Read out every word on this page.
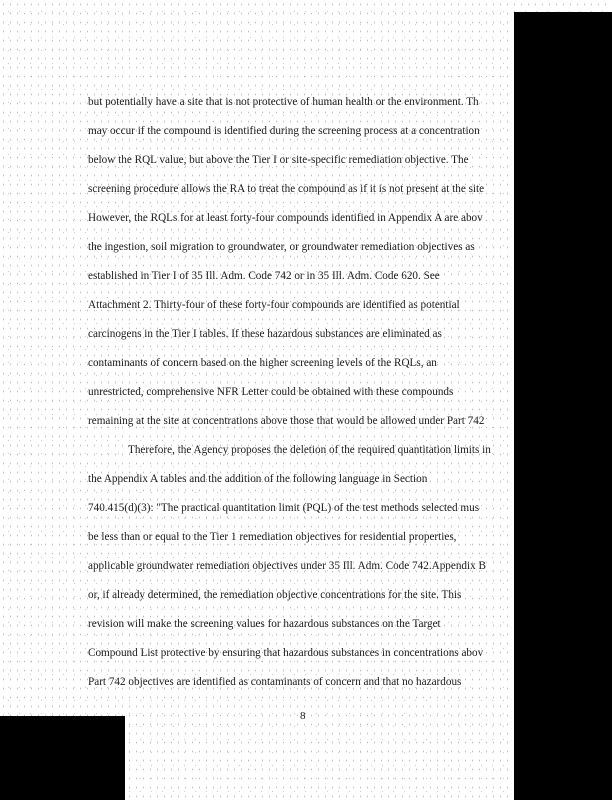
but potentially have a site that is not protective of human health or the environment. Th
may occur if the compound is identified during the screening process at a concentration
below the RQL value, but above the Tier I or site-specific remediation objective. The
screening procedure allows the RA to treat the compound as if it is not present at the site
However, the RQLs for at least forty-four compounds identified in Appendix A are abov
the ingestion, soil migration to groundwater, or groundwater remediation objectives as
established in Tier I of 35 Ill. Adm. Code 742 or in 35 Ill. Adm. Code 620. See
Attachment 2. Thirty-four of these forty-four compounds are identified as potential
carcinogens in the Tier I tables. If these hazardous substances are eliminated as
contaminants of concern based on the higher screening levels of the RQLs, an
unrestricted, comprehensive NFR Letter could be obtained with these compounds
remaining at the site at concentrations above those that would be allowed under Part 742
Therefore, the Agency proposes the deletion of the required quantitation limits in
the Appendix A tables and the addition of the following language in Section
740.415(d)(3): "The practical quantitation limit (PQL) of the test methods selected mus
be less than or equal to the Tier 1 remediation objectives for residential properties,
applicable groundwater remediation objectives under 35 Ill. Adm. Code 742.Appendix B
or, if already determined, the remediation objective concentrations for the site. This
revision will make the screening values for hazardous substances on the Target
Compound List protective by ensuring that hazardous substances in concentrations abov
Part 742 objectives are identified as contaminants of concern and that no hazardous
8
